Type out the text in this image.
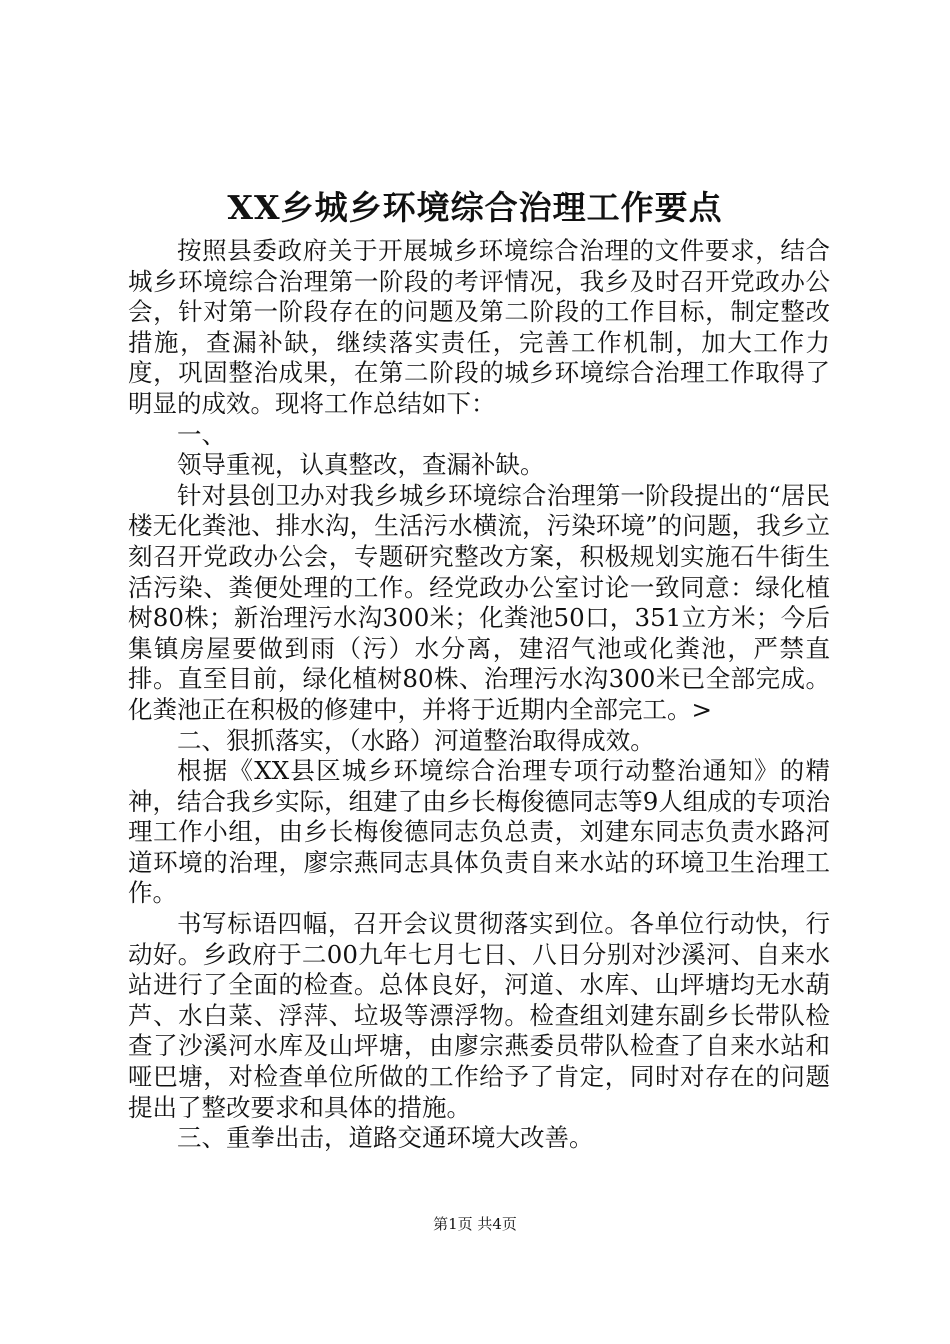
XX乡城乡环境综合治理工作要点

按照县委政府关于开展城乡环境综合治理的文件要求，结合城乡环境综合治理第一阶段的考评情况，我乡及时召开党政办公会，针对第一阶段存在的问题及第二阶段的工作目标，制定整改措施，查漏补缺，继续落实责任，完善工作机制，加大工作力度，巩固整治成果，在第二阶段的城乡环境综合治理工作取得了明显的成效。现将工作总结如下：

一、

领导重视，认真整改，查漏补缺。

针对县创卫办对我乡城乡环境综合治理第一阶段提出的“居民楼无化粪池、排水沟，生活污水横流，污染环境”的问题，我乡立刻召开党政办公会，专题研究整改方案，积极规划实施石牛街生活污染、粪便处理的工作。经党政办公室讨论一致同意：绿化植树80株；新治理污水沟300米；化粪池50口，351立方米；今后集镇房屋要做到雨（污）水分离，建沼气池或化粪池，严禁直排。直至目前，绿化植树80株、治理污水沟300米已全部完成。化粪池正在积极的修建中，并将于近期内全部完工。>

二、狠抓落实，（水路）河道整治取得成效。

根据《XX县区城乡环境综合治理专项行动整治通知》的精神，结合我乡实际，组建了由乡长梅俊德同志等9人组成的专项治理工作小组，由乡长梅俊德同志负总责，刘建东同志负责水路河道环境的治理，廖宗燕同志具体负责自来水站的环境卫生治理工作。

书写标语四幅，召开会议贯彻落实到位。各单位行动快，行动好。乡政府于二00九年七月七日、八日分别对沙溪河、自来水站进行了全面的检查。总体良好，河道、水库、山坪塘均无水葫芦、水白菜、浮萍、垃圾等漂浮物。检查组刘建东副乡长带队检查了沙溪河水库及山坪塘，由廖宗燕委员带队检查了自来水站和哑巴塘，对检查单位所做的工作给予了肯定，同时对存在的问题提出了整改要求和具体的措施。

三、重拳出击，道路交通环境大改善。

第1页 共4页
